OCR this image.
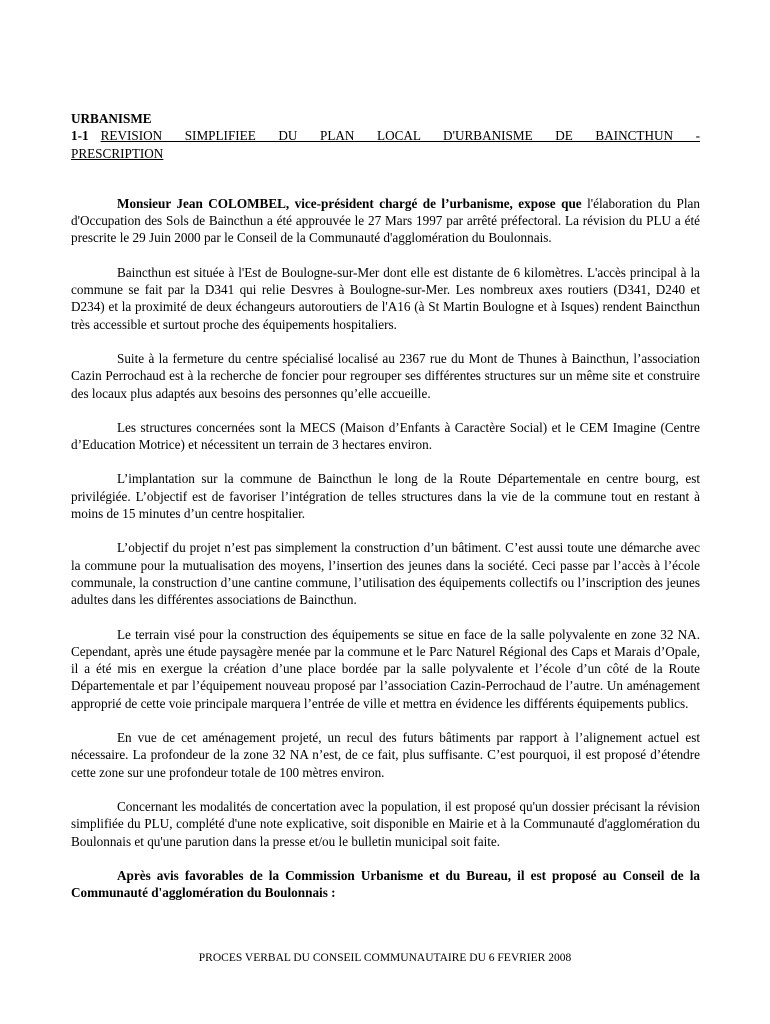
URBANISME

1-1 REVISION SIMPLIFIEE DU PLAN LOCAL D'URBANISME DE BAINCTHUN - PRESCRIPTION

Monsieur Jean COLOMBEL, vice-président chargé de l’urbanisme, expose que l'élaboration du Plan d'Occupation des Sols de Baincthun a été approuvée le 27 Mars 1997 par arrêté préfectoral. La révision du PLU a été prescrite le 29 Juin 2000 par le Conseil de la Communauté d'agglomération du Boulonnais.

Baincthun est située à l'Est de Boulogne-sur-Mer dont elle est distante de 6 kilomètres. L'accès principal à la commune se fait par la D341 qui relie Desvres à Boulogne-sur-Mer. Les nombreux axes routiers (D341, D240 et D234) et la proximité de deux échangeurs autoroutiers de l'A16 (à St Martin Boulogne et à Isques) rendent Baincthun très accessible et surtout proche des équipements hospitaliers.

Suite à la fermeture du centre spécialisé localisé au 2367 rue du Mont de Thunes à Baincthun, l’association Cazin Perrochaud est à la recherche de foncier pour regrouper ses différentes structures sur un même site et construire des locaux plus adaptés aux besoins des personnes qu’elle accueille.

Les structures concernées sont la MECS (Maison d’Enfants à Caractère Social) et le CEM Imagine (Centre d’Education Motrice) et nécessitent un terrain de 3 hectares environ.

L’implantation sur la commune de Baincthun le long de la Route Départementale en centre bourg, est privilégiée. L’objectif est de favoriser l’intégration de telles structures dans la vie de la commune tout en restant à moins de 15 minutes d’un centre hospitalier.

L’objectif du projet n’est pas simplement la construction d’un bâtiment. C’est aussi toute une démarche avec la commune pour la mutualisation des moyens, l’insertion des jeunes dans la société. Ceci passe par l’accès à l’école communale, la construction d’une cantine commune, l’utilisation des équipements collectifs ou l’inscription des jeunes adultes dans les différentes associations de Baincthun.

Le terrain visé pour la construction des équipements se situe en face de la salle polyvalente en zone 32 NA. Cependant, après une étude paysagère menée par la commune et le Parc Naturel Régional des Caps et Marais d’Opale, il a été mis en exergue la création d’une place bordée par la salle polyvalente et l’école d’un côté de la Route Départementale et par l’équipement nouveau proposé par l’association Cazin-Perrochaud de l’autre. Un aménagement approprié de cette voie principale marquera l’entrée de ville et mettra en évidence les différents équipements publics.

En vue de cet aménagement projeté, un recul des futurs bâtiments par rapport à l’alignement actuel est nécessaire. La profondeur de la zone 32 NA n’est, de ce fait, plus suffisante. C’est pourquoi, il est proposé d’étendre cette zone sur une profondeur totale de 100 mètres environ.

Concernant les modalités de concertation avec la population, il est proposé qu'un dossier précisant la révision simplifiée du PLU, complété d'une note explicative, soit disponible en Mairie et à la Communauté d'agglomération du Boulonnais et qu'une parution dans la presse et/ou le bulletin municipal soit faite.

Après avis favorables de la Commission Urbanisme et du Bureau, il est proposé au Conseil de la Communauté d'agglomération du Boulonnais :

PROCES VERBAL DU CONSEIL COMMUNAUTAIRE DU 6 FEVRIER 2008
